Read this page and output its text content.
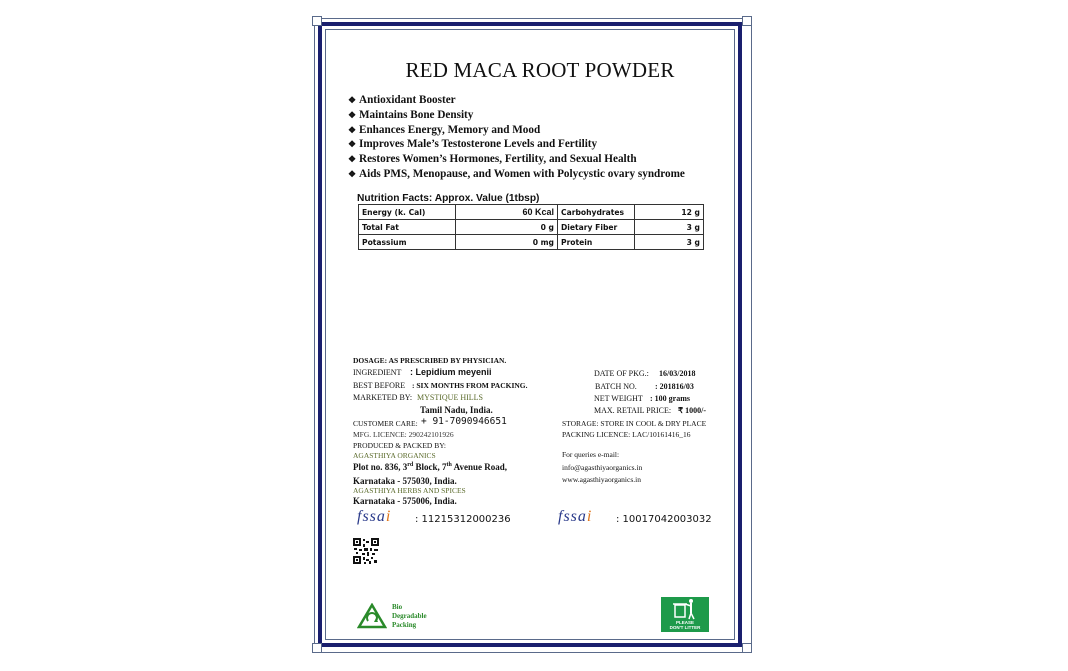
RED MACA ROOT POWDER
❖ Antioxidant Booster
❖ Maintains Bone Density
❖ Enhances Energy, Memory and Mood
❖ Improves Male’s Testosterone Levels and Fertility
❖ Restores Women’s Hormones, Fertility, and Sexual Health
❖ Aids PMS, Menopause, and Women with Polycystic ovary syndrome
Nutrition Facts: Approx. Value (1tbsp)
Energy (k. Cal)	60 Kcal	Carbohydrates	12 g
Total Fat	0 g	Dietary Fiber	3 g
Potassium	0 mg	Protein	3 g
DOSAGE: AS PRESCRIBED BY PHYSICIAN.
INGREDIENT : Lepidium meyenii
BEST BEFORE : SIX MONTHS FROM PACKING.
MARKETED BY: MYSTIQUE HILLS
Tamil Nadu, India.
CUSTOMER CARE: + 91-7090946651
MFG. LICENCE: 290242101926
PRODUCED & PACKED BY:
AGASTHIYA ORGANICS
Plot no. 836, 3rd Block, 7th Avenue Road,
Karnataka - 575030, India.
AGASTHIYA HERBS AND SPICES
Karnataka - 575006, India.
DATE OF PKG.: 16/03/2018
BATCH NO. : 201816/03
NET WEIGHT : 100 grams
MAX. RETAIL PRICE: ₹ 1000/-
STORAGE: STORE IN COOL & DRY PLACE
PACKING LICENCE: LAC/10161416_16
For queries e-mail:
info@agasthiyaorganics.in
www.agasthiyaorganics.in
fssai : 11215312000236	fssai : 10017042003032
Bio
Degradable
Packing	PLEASE
DON'T LITTER
